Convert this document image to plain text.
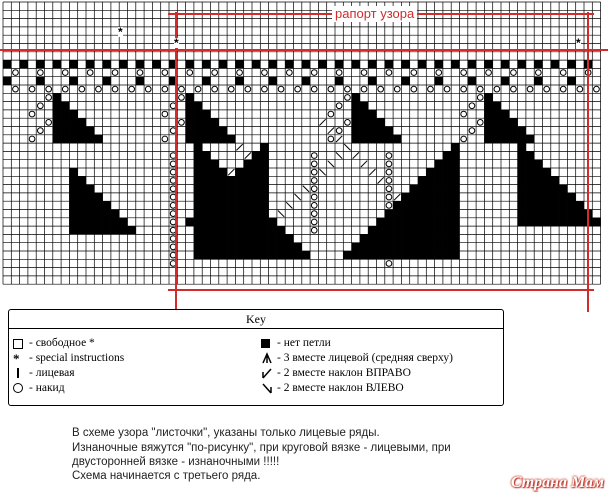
рапорт узора
*
*	*
Key
- свободное *
* - special instructions
- лицевая
- накид
- нет петли
- 3 вместе лицевой (средняя сверху)
- 2 вместе наклон ВПРАВО
- 2 вместе наклон ВЛЕВО
В схеме узора "листочки", указаны только лицевые ряды.
Изнаночные вяжутся "по-рисунку", при круговой вязке - лицевыми, при
двусторонней вязке - изнаночными !!!!!
Схема начинается с третьего ряда.	Страна Мам
